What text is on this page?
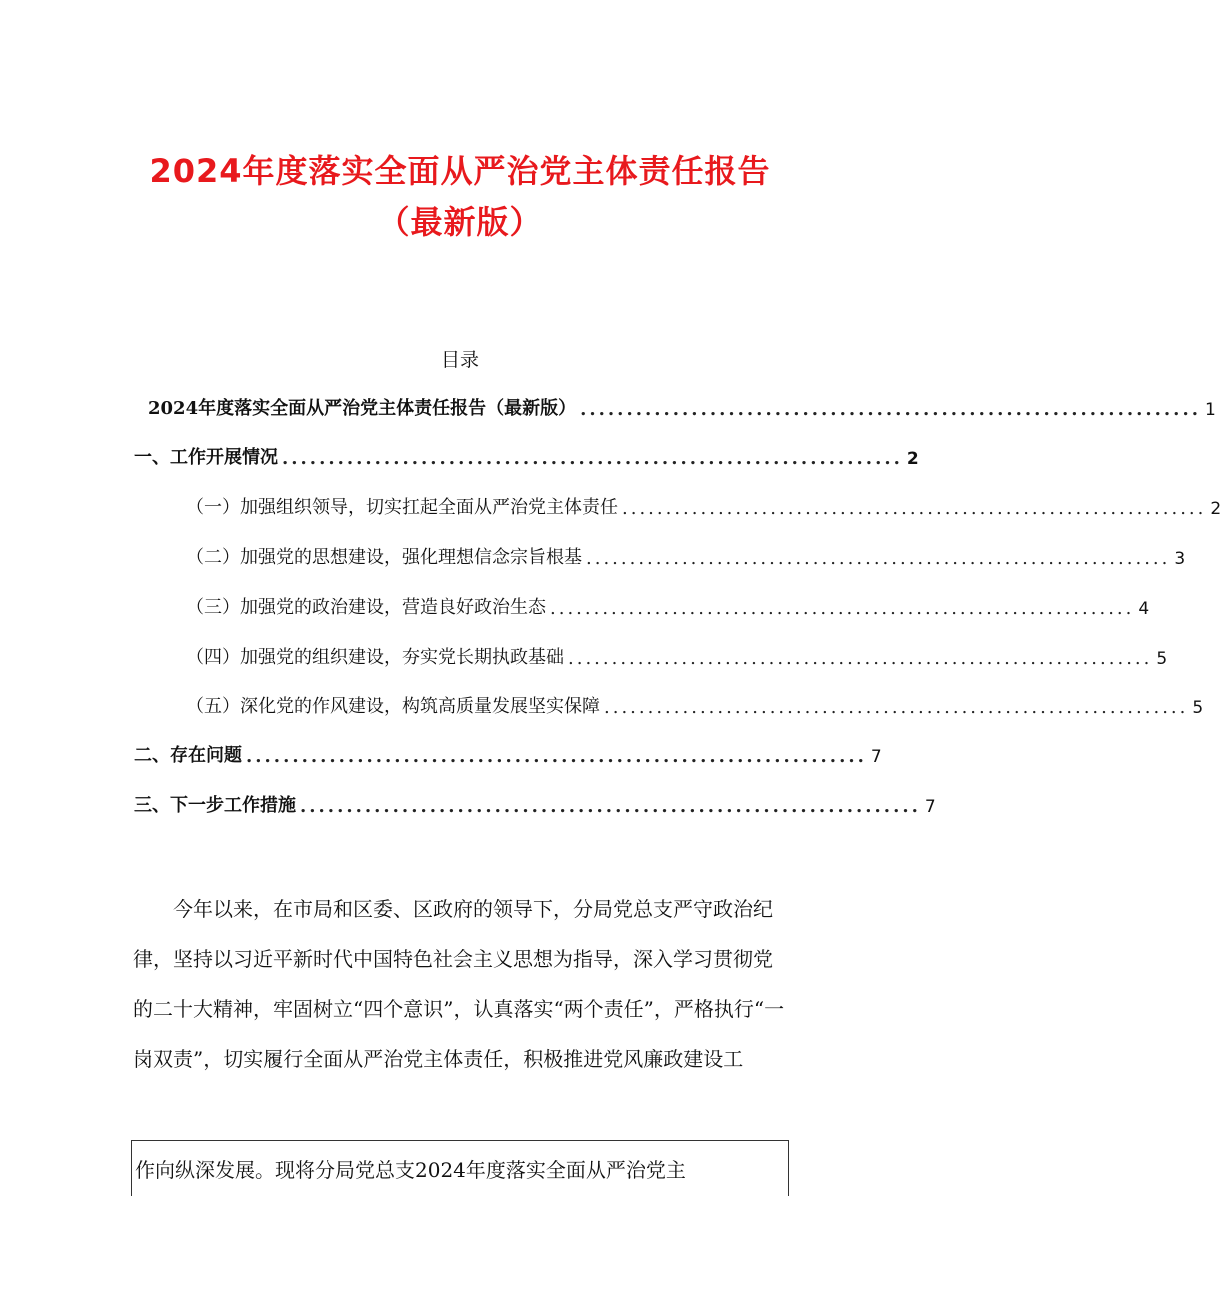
2024年度落实全面从严治党主体责任报告
（最新版）
目录
2024年度落实全面从严治党主体责任报告（最新版） ................................................................... 1
一、工作开展情况 ................................................................... 2
（一）加强组织领导，切实扛起全面从严治党主体责任 ................................................................... 2
（二）加强党的思想建设，强化理想信念宗旨根基 ................................................................... 3
（三）加强党的政治建设，营造良好政治生态 ................................................................... 4
（四）加强党的组织建设，夯实党长期执政基础 ................................................................... 5
（五）深化党的作风建设，构筑高质量发展坚实保障 ................................................................... 5
二、存在问题 ................................................................... 7
三、下一步工作措施 ................................................................... 7

今年以来，在市局和区委、区政府的领导下，分局党总支严守政治纪律，坚持以习近平新时代中国特色社会主义思想为指导，深入学习贯彻党的二十大精神，牢固树立“四个意识”，认真落实“两个责任”，严格执行“一岗双责”，切实履行全面从严治党主体责任，积极推进党风廉政建设工

作向纵深发展。现将分局党总支2024年度落实全面从严治党主
